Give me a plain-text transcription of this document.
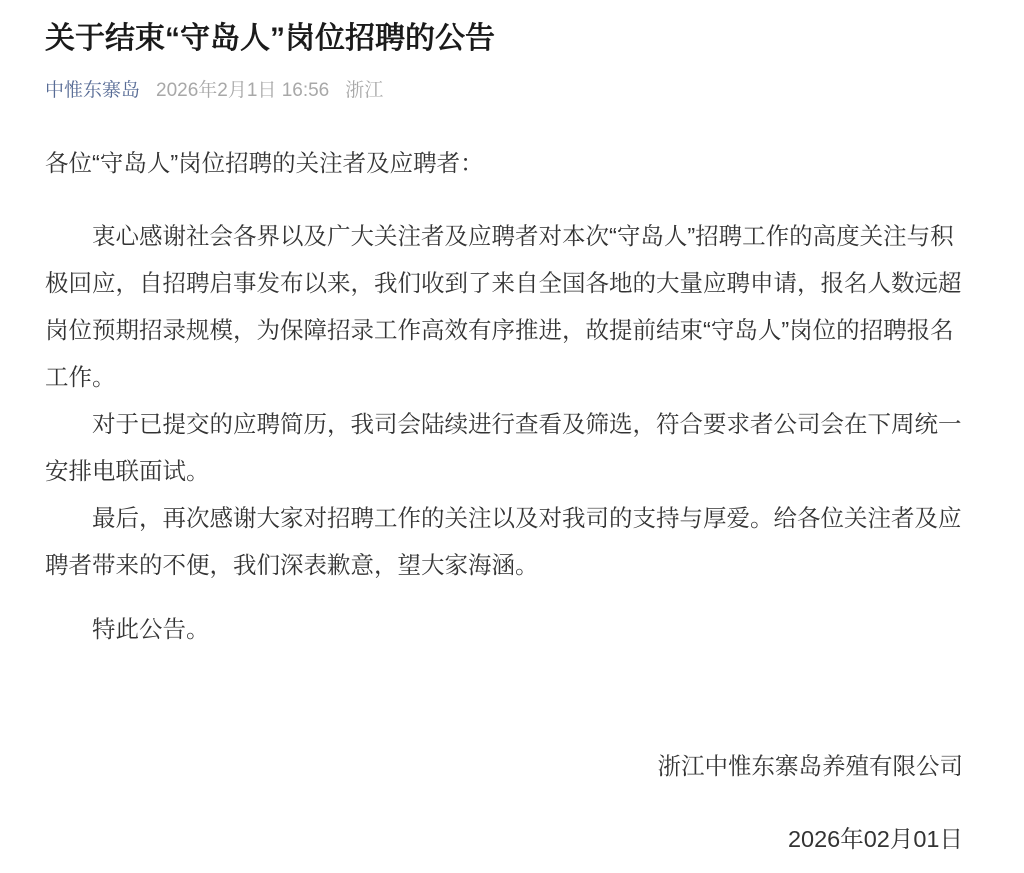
关于结束“守岛人”岗位招聘的公告
中惟东寨岛 2026年2月1日 16:56 浙江

各位“守岛人”岗位招聘的关注者及应聘者：

衷心感谢社会各界以及广大关注者及应聘者对本次“守岛人”招聘工作的高度关注与积极回应，自招聘启事发布以来，我们收到了来自全国各地的大量应聘申请，报名人数远超岗位预期招录规模，为保障招录工作高效有序推进，故提前结束“守岛人”岗位的招聘报名工作。

对于已提交的应聘简历，我司会陆续进行查看及筛选，符合要求者公司会在下周统一安排电联面试。

最后，再次感谢大家对招聘工作的关注以及对我司的支持与厚爱。给各位关注者及应聘者带来的不便，我们深表歉意，望大家海涵。

特此公告。

浙江中惟东寨岛养殖有限公司

2026年02月01日
